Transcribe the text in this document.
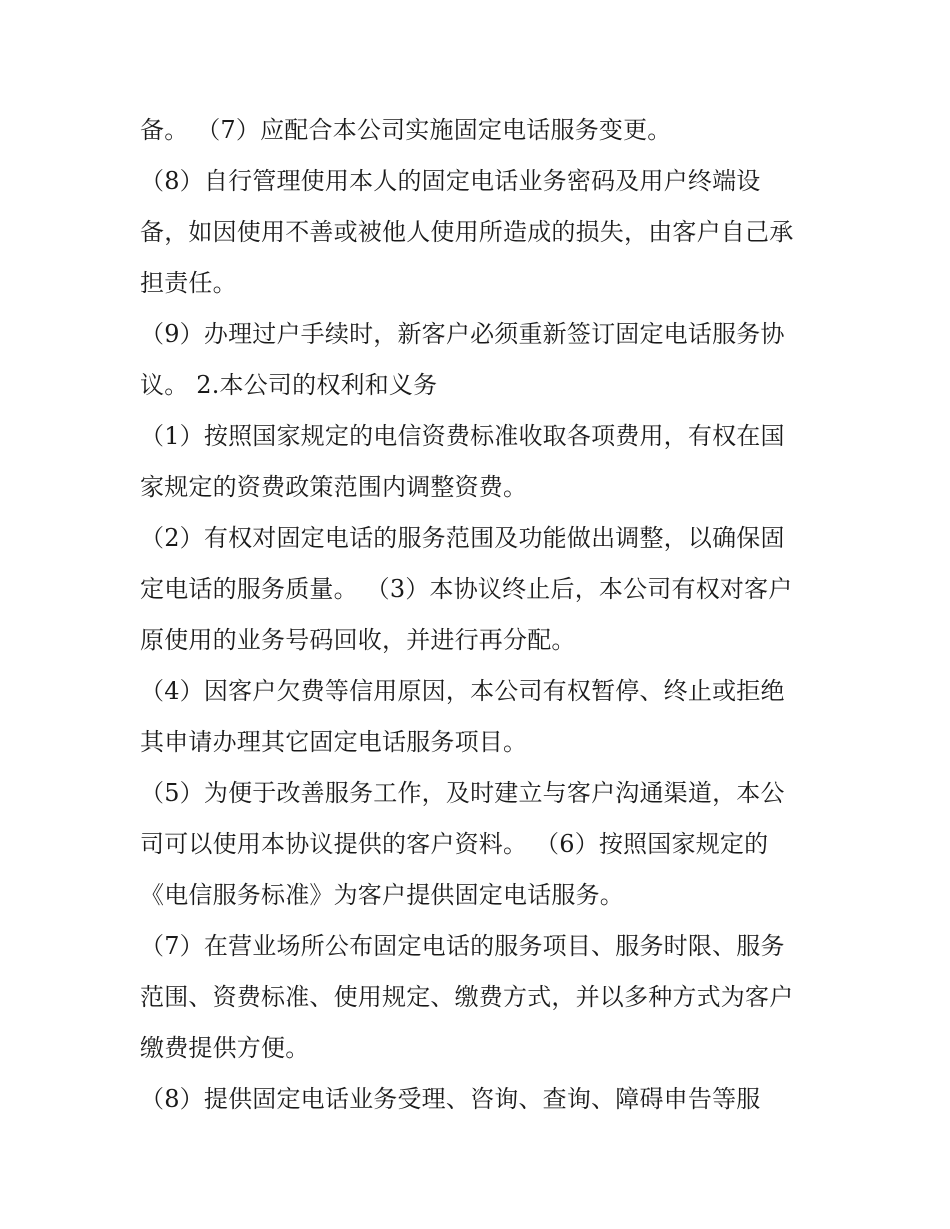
备。 （7）应配合本公司实施固定电话服务变更。
（8）自行管理使用本人的固定电话业务密码及用户终端设
备，如因使用不善或被他人使用所造成的损失，由客户自己承
担责任。
（9）办理过户手续时，新客户必须重新签订固定电话服务协
议。 2.本公司的权利和义务
（1）按照国家规定的电信资费标准收取各项费用，有权在国
家规定的资费政策范围内调整资费。
（2）有权对固定电话的服务范围及功能做出调整，以确保固
定电话的服务质量。 （3）本协议终止后，本公司有权对客户
原使用的业务号码回收，并进行再分配。
（4）因客户欠费等信用原因，本公司有权暂停、终止或拒绝
其申请办理其它固定电话服务项目。
（5）为便于改善服务工作，及时建立与客户沟通渠道，本公
司可以使用本协议提供的客户资料。 （6）按照国家规定的
《电信服务标准》为客户提供固定电话服务。
（7）在营业场所公布固定电话的服务项目、服务时限、服务
范围、资费标准、使用规定、缴费方式，并以多种方式为客户
缴费提供方便。
（8）提供固定电话业务受理、咨询、查询、障碍申告等服
